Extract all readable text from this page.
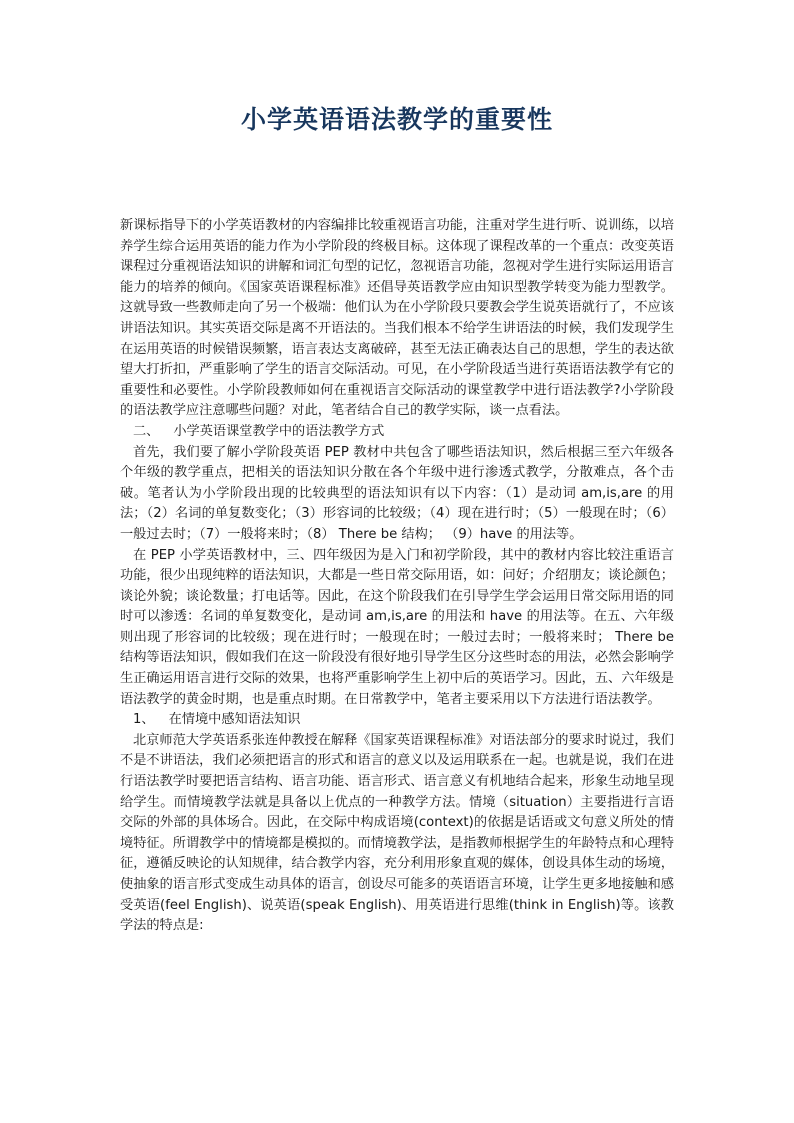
小学英语语法教学的重要性

新课标指导下的小学英语教材的内容编排比较重视语言功能，注重对学生进行听、说训练，以培养学生综合运用英语的能力作为小学阶段的终极目标。这体现了课程改革的一个重点：改变英语课程过分重视语法知识的讲解和词汇句型的记忆，忽视语言功能，忽视对学生进行实际运用语言能力的培养的倾向。《国家英语课程标准》还倡导英语教学应由知识型教学转变为能力型教学。这就导致一些教师走向了另一个极端：他们认为在小学阶段只要教会学生说英语就行了，不应该讲语法知识。其实英语交际是离不开语法的。当我们根本不给学生讲语法的时候，我们发现学生在运用英语的时候错误频繁，语言表达支离破碎，甚至无法正确表达自己的思想，学生的表达欲望大打折扣，严重影响了学生的语言交际活动。可见，在小学阶段适当进行英语语法教学有它的重要性和必要性。小学阶段教师如何在重视语言交际活动的课堂教学中进行语法教学?小学阶段的语法教学应注意哪些问题？对此，笔者结合自己的教学实际，谈一点看法。

二、 小学英语课堂教学中的语法教学方式

首先，我们要了解小学阶段英语 PEP 教材中共包含了哪些语法知识，然后根据三至六年级各个年级的教学重点，把相关的语法知识分散在各个年级中进行渗透式教学，分散难点，各个击破。笔者认为小学阶段出现的比较典型的语法知识有以下内容：（1）是动词 am,is,are 的用法；（2）名词的单复数变化；（3）形容词的比较级；（4）现在进行时；（5）一般现在时；（6）一般过去时；（7）一般将来时；（8） There be 结构； （9）have 的用法等。

在 PEP 小学英语教材中，三、四年级因为是入门和初学阶段，其中的教材内容比较注重语言功能，很少出现纯粹的语法知识，大都是一些日常交际用语，如：问好；介绍朋友；谈论颜色；谈论外貌；谈论数量；打电话等。因此，在这个阶段我们在引导学生学会运用日常交际用语的同时可以渗透：名词的单复数变化，是动词 am,is,are 的用法和 have 的用法等。在五、六年级则出现了形容词的比较级；现在进行时；一般现在时；一般过去时；一般将来时； There be 结构等语法知识，假如我们在这一阶段没有很好地引导学生区分这些时态的用法，必然会影响学生正确运用语言进行交际的效果，也将严重影响学生上初中后的英语学习。因此，五、六年级是语法教学的黄金时期，也是重点时期。在日常教学中，笔者主要采用以下方法进行语法教学。

1、 在情境中感知语法知识

北京师范大学英语系张连仲教授在解释《国家英语课程标准》对语法部分的要求时说过，我们不是不讲语法，我们必须把语言的形式和语言的意义以及运用联系在一起。也就是说，我们在进行语法教学时要把语言结构、语言功能、语言形式、语言意义有机地结合起来，形象生动地呈现给学生。而情境教学法就是具备以上优点的一种教学方法。情境（situation）主要指进行言语交际的外部的具体场合。因此，在交际中构成语境(context)的依据是话语或文句意义所处的情境特征。所谓教学中的情境都是模拟的。而情境教学法，是指教师根据学生的年龄特点和心理特征，遵循反映论的认知规律，结合教学内容，充分利用形象直观的媒体，创设具体生动的场境，使抽象的语言形式变成生动具体的语言，创设尽可能多的英语语言环境，让学生更多地接触和感受英语(feel English)、说英语(speak English)、用英语进行思维(think in English)等。该教学法的特点是:
